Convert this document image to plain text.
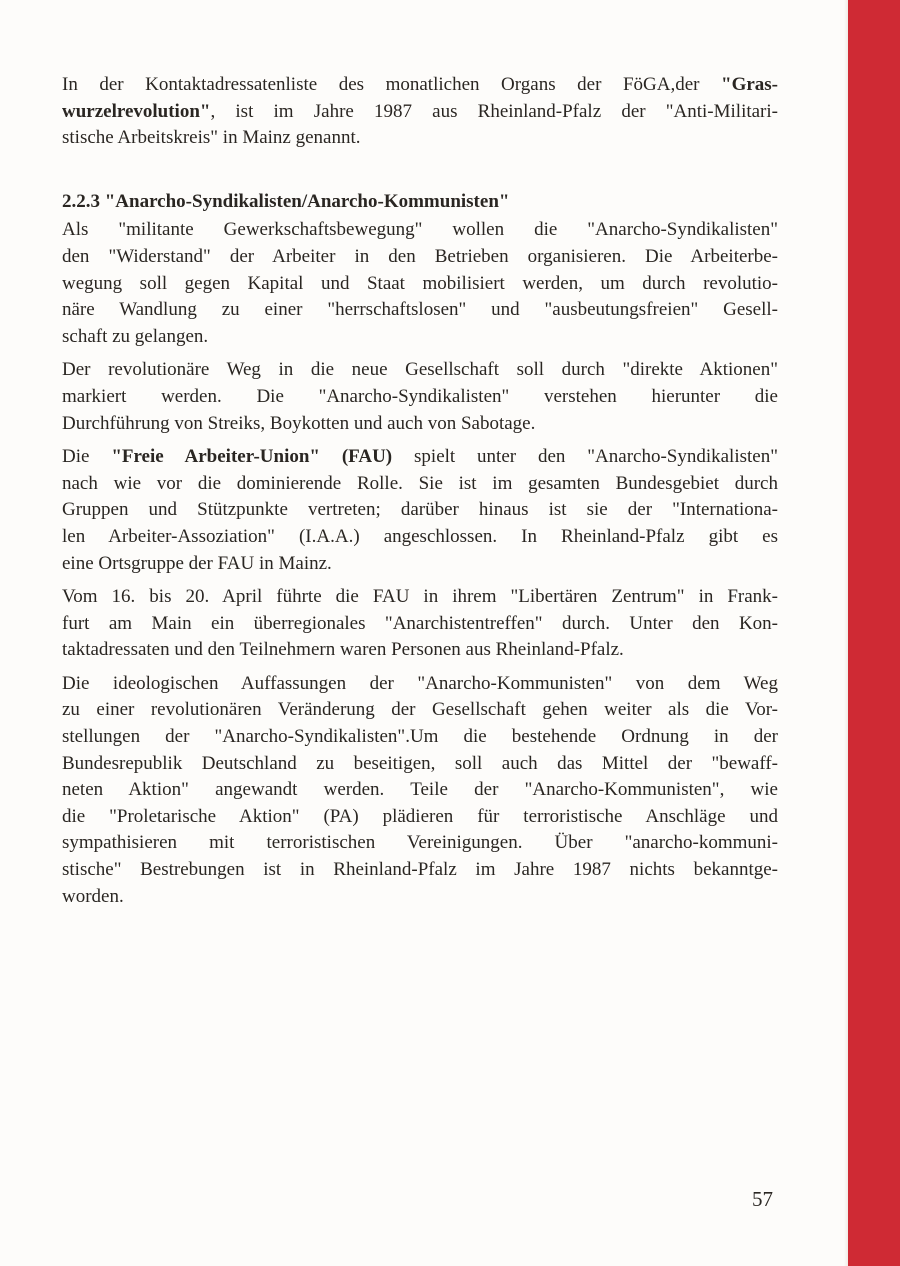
In der Kontaktadressatenliste des monatlichen Organs der FöGA,der "Gras-
wurzelrevolution", ist im Jahre 1987 aus Rheinland-Pfalz der "Anti-Militari-
stische Arbeitskreis" in Mainz genannt.

2.2.3 "Anarcho-Syndikalisten/Anarcho-Kommunisten"

Als "militante Gewerkschaftsbewegung" wollen die "Anarcho-Syndikalisten"
den "Widerstand" der Arbeiter in den Betrieben organisieren. Die Arbeiterbe-
wegung soll gegen Kapital und Staat mobilisiert werden, um durch revolutio-
näre Wandlung zu einer "herrschaftslosen" und "ausbeutungsfreien" Gesell-
schaft zu gelangen.

Der revolutionäre Weg in die neue Gesellschaft soll durch "direkte Aktionen"
markiert werden. Die "Anarcho-Syndikalisten" verstehen hierunter die
Durchführung von Streiks, Boykotten und auch von Sabotage.

Die "Freie Arbeiter-Union" (FAU) spielt unter den "Anarcho-Syndikalisten"
nach wie vor die dominierende Rolle. Sie ist im gesamten Bundesgebiet durch
Gruppen und Stützpunkte vertreten; darüber hinaus ist sie der "Internationa-
len Arbeiter-Assoziation" (I.A.A.) angeschlossen. In Rheinland-Pfalz gibt es
eine Ortsgruppe der FAU in Mainz.

Vom 16. bis 20. April führte die FAU in ihrem "Libertären Zentrum" in Frank-
furt am Main ein überregionales "Anarchistentreffen" durch. Unter den Kon-
taktadressaten und den Teilnehmern waren Personen aus Rheinland-Pfalz.

Die ideologischen Auffassungen der "Anarcho-Kommunisten" von dem Weg
zu einer revolutionären Veränderung der Gesellschaft gehen weiter als die Vor-
stellungen der "Anarcho-Syndikalisten".Um die bestehende Ordnung in der
Bundesrepublik Deutschland zu beseitigen, soll auch das Mittel der "bewaff-
neten Aktion" angewandt werden. Teile der "Anarcho-Kommunisten", wie
die "Proletarische Aktion" (PA) plädieren für terroristische Anschläge und
sympathisieren mit terroristischen Vereinigungen. Über "anarcho-kommuni-
stische" Bestrebungen ist in Rheinland-Pfalz im Jahre 1987 nichts bekanntge-
worden.

57
